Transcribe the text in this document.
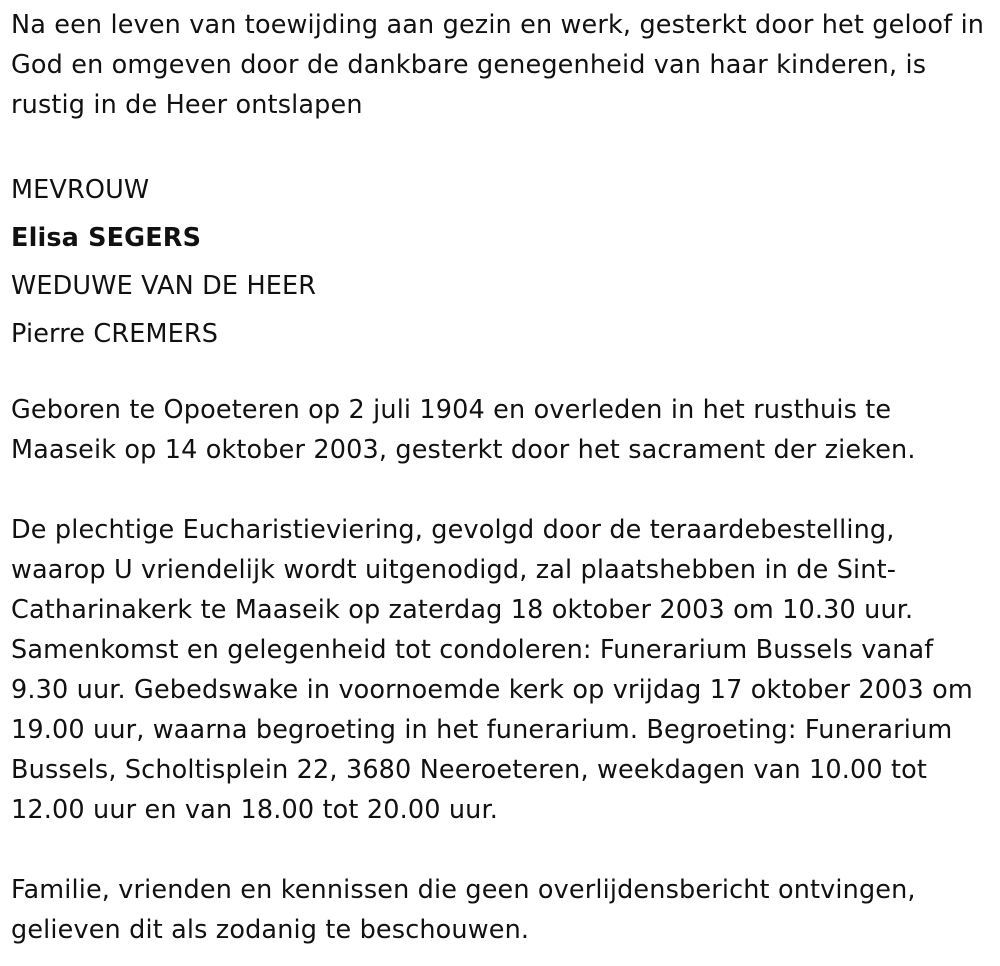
Na een leven van toewijding aan gezin en werk, gesterkt door het geloof in God en omgeven door de dankbare genegenheid van haar kinderen, is rustig in de Heer ontslapen

MEVROUW
Elisa SEGERS
WEDUWE VAN DE HEER
Pierre CREMERS

Geboren te Opoeteren op 2 juli 1904 en overleden in het rusthuis te Maaseik op 14 oktober 2003, gesterkt door het sacrament der zieken.

De plechtige Eucharistieviering, gevolgd door de teraardebestelling, waarop U vriendelijk wordt uitgenodigd, zal plaatshebben in de Sint-Catharinakerk te Maaseik op zaterdag 18 oktober 2003 om 10.30 uur. Samenkomst en gelegenheid tot condoleren: Funerarium Bussels vanaf 9.30 uur. Gebedswake in voornoemde kerk op vrijdag 17 oktober 2003 om 19.00 uur, waarna begroeting in het funerarium. Begroeting: Funerarium Bussels, Scholtisplein 22, 3680 Neeroeteren, weekdagen van 10.00 tot 12.00 uur en van 18.00 tot 20.00 uur.

Familie, vrienden en kennissen die geen overlijdensbericht ontvingen, gelieven dit als zodanig te beschouwen.
